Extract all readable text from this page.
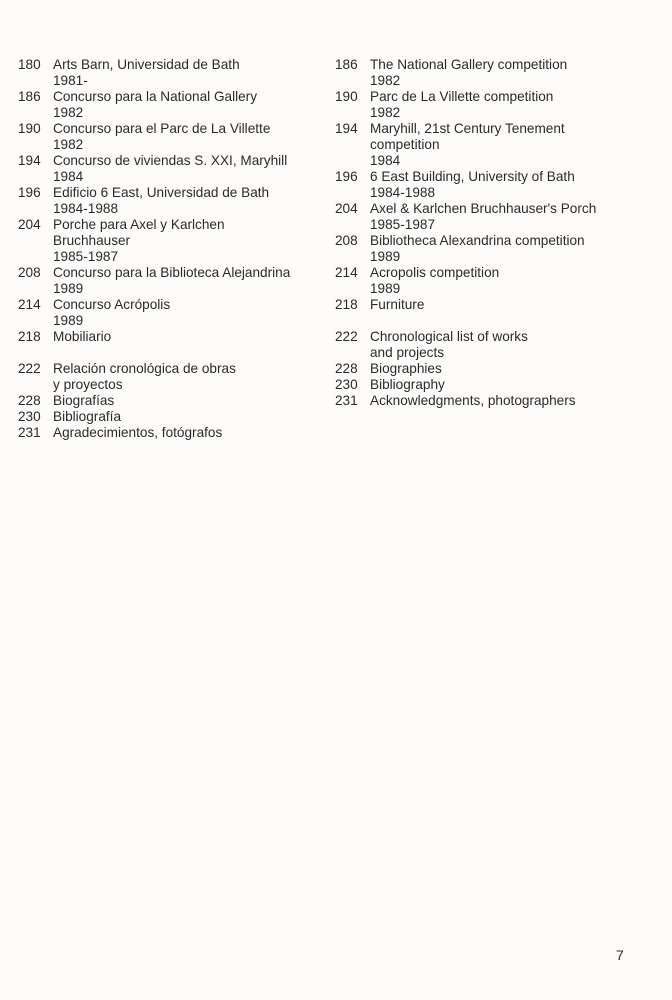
180 Arts Barn, Universidad de Bath
1981-
186 Concurso para la National Gallery
1982
190 Concurso para el Parc de La Villette
1982
194 Concurso de viviendas S. XXI, Maryhill
1984
196 Edificio 6 East, Universidad de Bath
1984-1988
204 Porche para Axel y Karlchen
Bruchhauser
1985-1987
208 Concurso para la Biblioteca Alejandrina
1989
214 Concurso Acrópolis
1989
218 Mobiliario
222 Relación cronológica de obras
y proyectos
228 Biografías
230 Bibliografía
231 Agradecimientos, fotógrafos
186 The National Gallery competition
1982
190 Parc de La Villette competition
1982
194 Maryhill, 21st Century Tenement
competition
1984
196 6 East Building, University of Bath
1984-1988
204 Axel & Karlchen Bruchhauser's Porch
1985-1987
208 Bibliotheca Alexandrina competition
1989
214 Acropolis competition
1989
218 Furniture
222 Chronological list of works
and projects
228 Biographies
230 Bibliography
231 Acknowledgments, photographers
7
